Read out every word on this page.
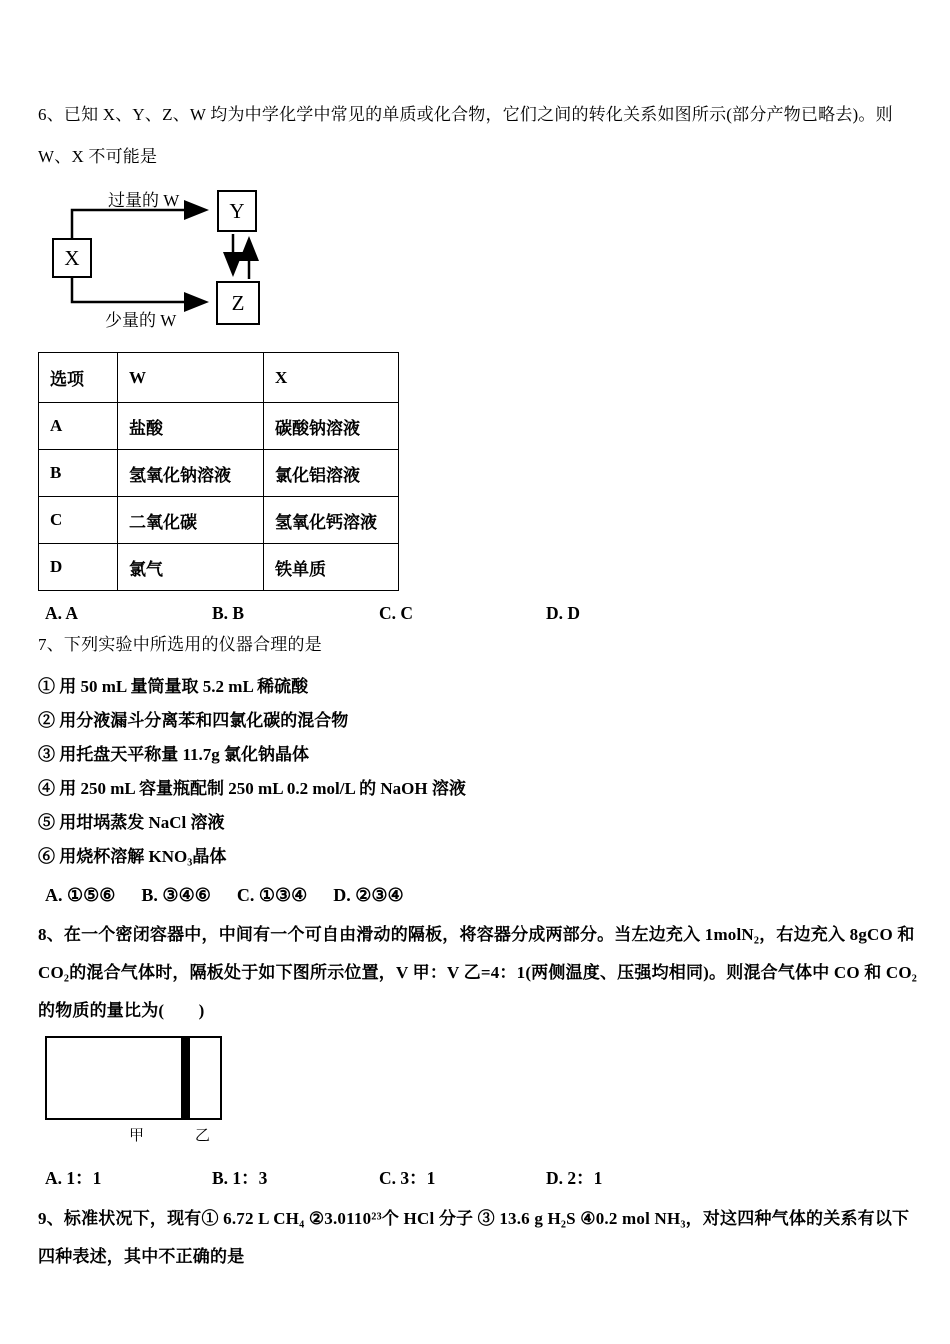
6、已知 X、Y、Z、W 均为中学化学中常见的单质或化合物，它们之间的转化关系如图所示(部分产物已略去)。则 W、X 不可能是
过量的 W
少量的 W
X
Y
Z
选项	W	X
A	盐酸	碳酸钠溶液
B	氢氧化钠溶液	氯化铝溶液
C	二氧化碳	氢氧化钙溶液
D	氯气	铁单质
A. A	B. B	C. C	D. D
7、下列实验中所选用的仪器合理的是
① 用 50 mL 量筒量取 5.2 mL 稀硫酸
② 用分液漏斗分离苯和四氯化碳的混合物
③ 用托盘天平称量 11.7g 氯化钠晶体
④ 用 250 mL 容量瓶配制 250 mL 0.2 mol/L 的 NaOH 溶液
⑤ 用坩埚蒸发 NaCl 溶液
⑥ 用烧杯溶解 KNO₃晶体
A. ①⑤⑥ B. ③④⑥ C. ①③④ D. ②③④
8、在一个密闭容器中，中间有一个可自由滑动的隔板，将容器分成两部分。当左边充入 1molN₂，右边充入 8gCO 和 CO₂的混合气体时，隔板处于如下图所示位置，V 甲：V 乙=4：1(两侧温度、压强均相同)。则混合气体中 CO 和 CO₂的物质的量比为(　　)
甲	乙
A. 1：1	B. 1：3	C. 3：1	D. 2：1
9、标准状况下，现有① 6.72 L CH₄ ②3.0110²³个 HCl 分子 ③ 13.6 g H₂S ④0.2 mol NH₃，对这四种气体的关系有以下四种表述，其中不正确的是
